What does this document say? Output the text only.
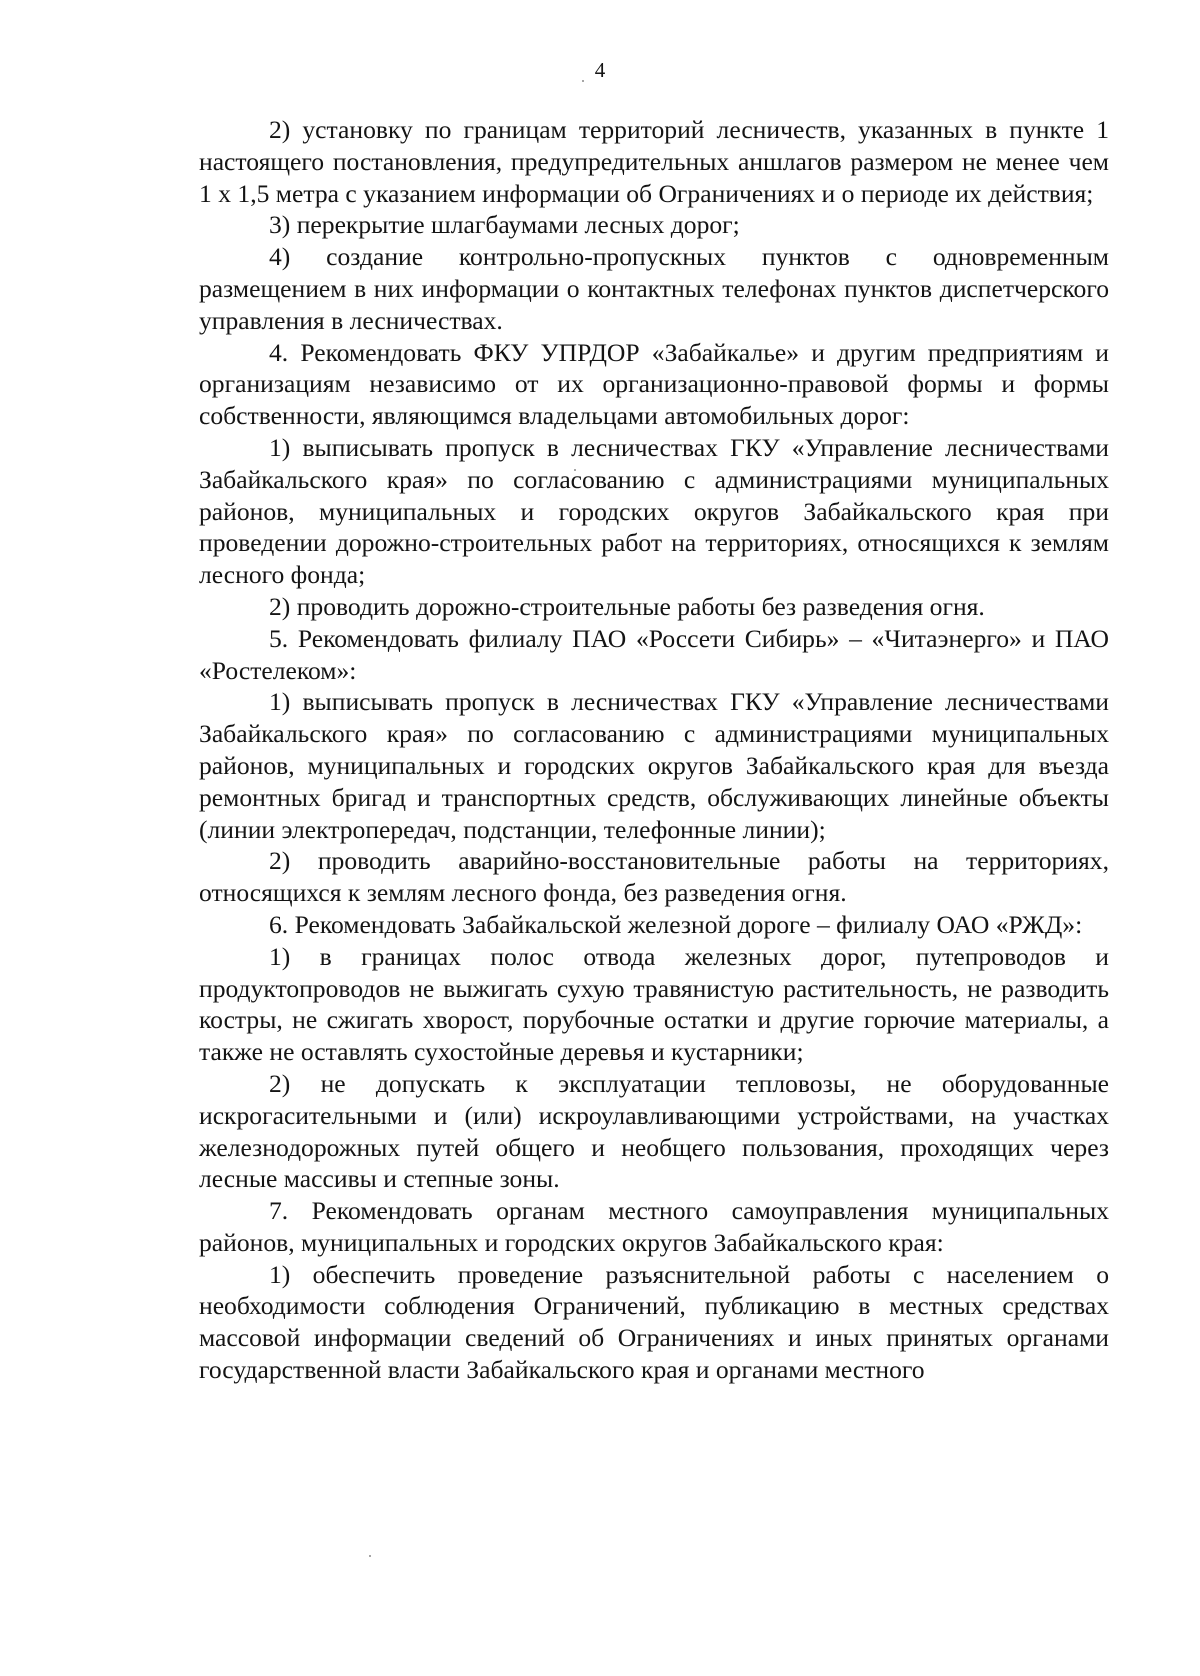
4

2) установку по границам территорий лесничеств, указанных в пункте 1 настоящего постановления, предупредительных аншлагов размером не менее чем 1 х 1,5 метра с указанием информации об Ограничениях и о периоде их действия;

3) перекрытие шлагбаумами лесных дорог;

4) создание контрольно-пропускных пунктов с одновременным размещением в них информации о контактных телефонах пунктов диспетчерского управления в лесничествах.

4. Рекомендовать ФКУ УПРДОР «Забайкалье» и другим предприятиям и организациям независимо от их организационно-правовой формы и формы собственности, являющимся владельцами автомобильных дорог:

1) выписывать пропуск в лесничествах ГКУ «Управление лесничествами Забайкальского края» по согласованию с администрациями муниципальных районов, муниципальных и городских округов Забайкальского края при проведении дорожно-строительных работ на территориях, относящихся к землям лесного фонда;

2) проводить дорожно-строительные работы без разведения огня.

5. Рекомендовать филиалу ПАО «Россети Сибирь» – «Читаэнерго» и ПАО «Ростелеком»:

1) выписывать пропуск в лесничествах ГКУ «Управление лесничествами Забайкальского края» по согласованию с администрациями муниципальных районов, муниципальных и городских округов Забайкальского края для въезда ремонтных бригад и транспортных средств, обслуживающих линейные объекты (линии электропередач, подстанции, телефонные линии);

2) проводить аварийно-восстановительные работы на территориях, относящихся к землям лесного фонда, без разведения огня.

6. Рекомендовать Забайкальской железной дороге – филиалу ОАО «РЖД»:

1) в границах полос отвода железных дорог, путепроводов и продуктопроводов не выжигать сухую травянистую растительность, не разводить костры, не сжигать хворост, порубочные остатки и другие горючие материалы, а также не оставлять сухостойные деревья и кустарники;

2) не допускать к эксплуатации тепловозы, не оборудованные искрогасительными и (или) искроулавливающими устройствами, на участках железнодорожных путей общего и необщего пользования, проходящих через лесные массивы и степные зоны.

7. Рекомендовать органам местного самоуправления муниципальных районов, муниципальных и городских округов Забайкальского края:

1) обеспечить проведение разъяснительной работы с населением о необходимости соблюдения Ограничений, публикацию в местных средствах массовой информации сведений об Ограничениях и иных принятых органами государственной власти Забайкальского края и органами местного
